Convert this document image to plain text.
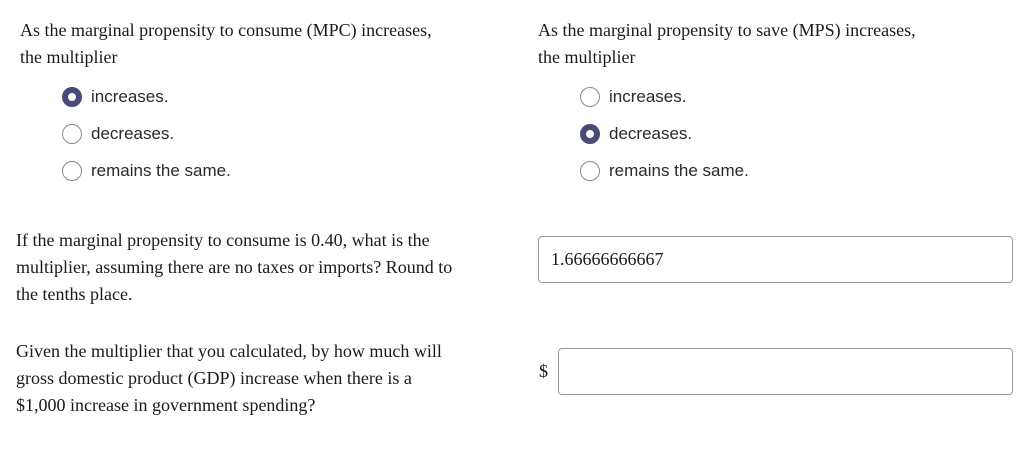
As the marginal propensity to consume (MPC) increases,
the multiplier

increases.
decreases.
remains the same.

As the marginal propensity to save (MPS) increases,
the multiplier

increases.
decreases.
remains the same.

If the marginal propensity to consume is 0.40, what is the
multiplier, assuming there are no taxes or imports? Round to
the tenths place.

1.66666666667

Given the multiplier that you calculated, by how much will
gross domestic product (GDP) increase when there is a
$1,000 increase in government spending?

$
